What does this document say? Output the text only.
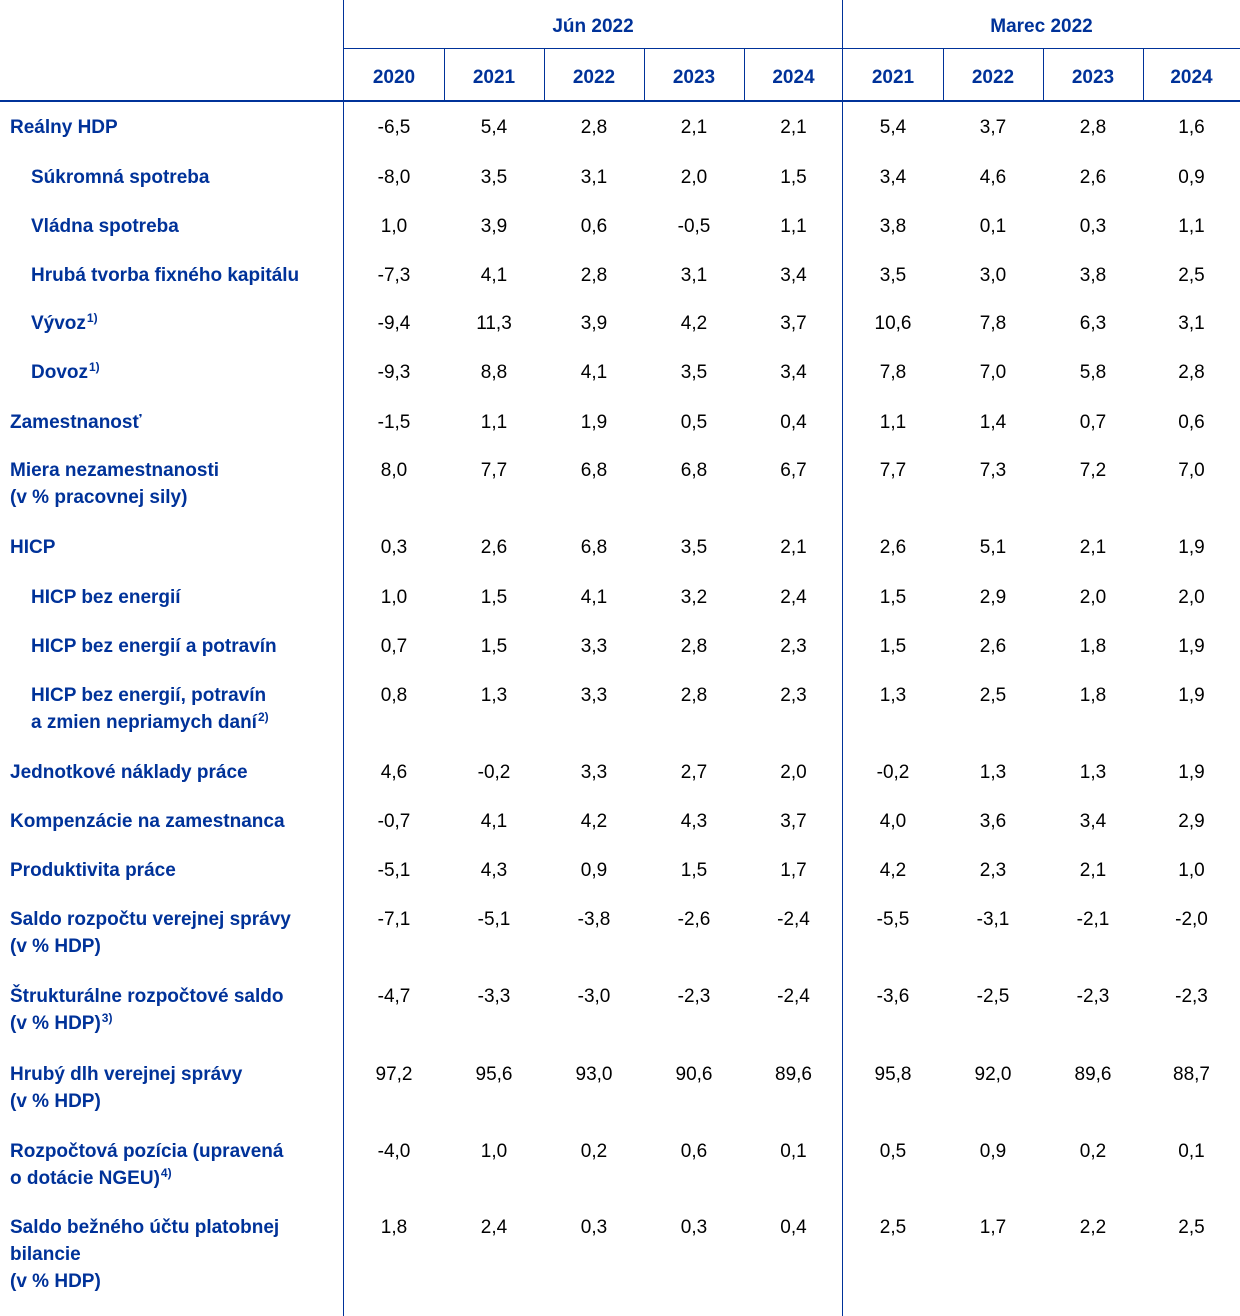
Jún 2022	Marec 2022
2020	2021	2022	2023	2024	2021	2022	2023	2024
Reálny HDP	-6,5	5,4	2,8	2,1	2,1	5,4	3,7	2,8	1,6
Súkromná spotreba	-8,0	3,5	3,1	2,0	1,5	3,4	4,6	2,6	0,9
Vládna spotreba	1,0	3,9	0,6	-0,5	1,1	3,8	0,1	0,3	1,1
Hrubá tvorba fixného kapitálu	-7,3	4,1	2,8	3,1	3,4	3,5	3,0	3,8	2,5
Vývoz$^{1)}$	-9,4	11,3	3,9	4,2	3,7	10,6	7,8	6,3	3,1
Dovoz$^{1)}$	-9,3	8,8	4,1	3,5	3,4	7,8	7,0	5,8	2,8
Zamestnanosť	-1,5	1,1	1,9	0,5	0,4	1,1	1,4	0,7	0,6
Miera nezamestnanosti
(v % pracovnej sily)
8,0	7,7	6,8	6,8	6,7	7,7	7,3	7,2	7,0
HICP	0,3	2,6	6,8	3,5	2,1	2,6	5,1	2,1	1,9
HICP bez energií	1,0	1,5	4,1	3,2	2,4	1,5	2,9	2,0	2,0
HICP bez energií a potravín	0,7	1,5	3,3	2,8	2,3	1,5	2,6	1,8	1,9
HICP bez energií, potravín
a zmien nepriamych daní$^{2)}$
0,8	1,3	3,3	2,8	2,3	1,3	2,5	1,8	1,9
Jednotkové náklady práce	4,6	-0,2	3,3	2,7	2,0	-0,2	1,3	1,3	1,9
Kompenzácie na zamestnanca	-0,7	4,1	4,2	4,3	3,7	4,0	3,6	3,4	2,9
Produktivita práce	-5,1	4,3	0,9	1,5	1,7	4,2	2,3	2,1	1,0
Saldo rozpočtu verejnej správy
(v % HDP)
-7,1	-5,1	-3,8	-2,6	-2,4	-5,5	-3,1	-2,1	-2,0
Štrukturálne rozpočtové saldo
(v % HDP)$^{3)}$
-4,7	-3,3	-3,0	-2,3	-2,4	-3,6	-2,5	-2,3	-2,3
Hrubý dlh verejnej správy
(v % HDP)
97,2	95,6	93,0	90,6	89,6	95,8	92,0	89,6	88,7
Rozpočtová pozícia (upravená
o dotácie NGEU)$^{4)}$
-4,0	1,0	0,2	0,6	0,1	0,5	0,9	0,2	0,1
Saldo bežného účtu platobnej
bilancie
(v % HDP)
1,8	2,4	0,3	0,3	0,4	2,5	1,7	2,2	2,5
